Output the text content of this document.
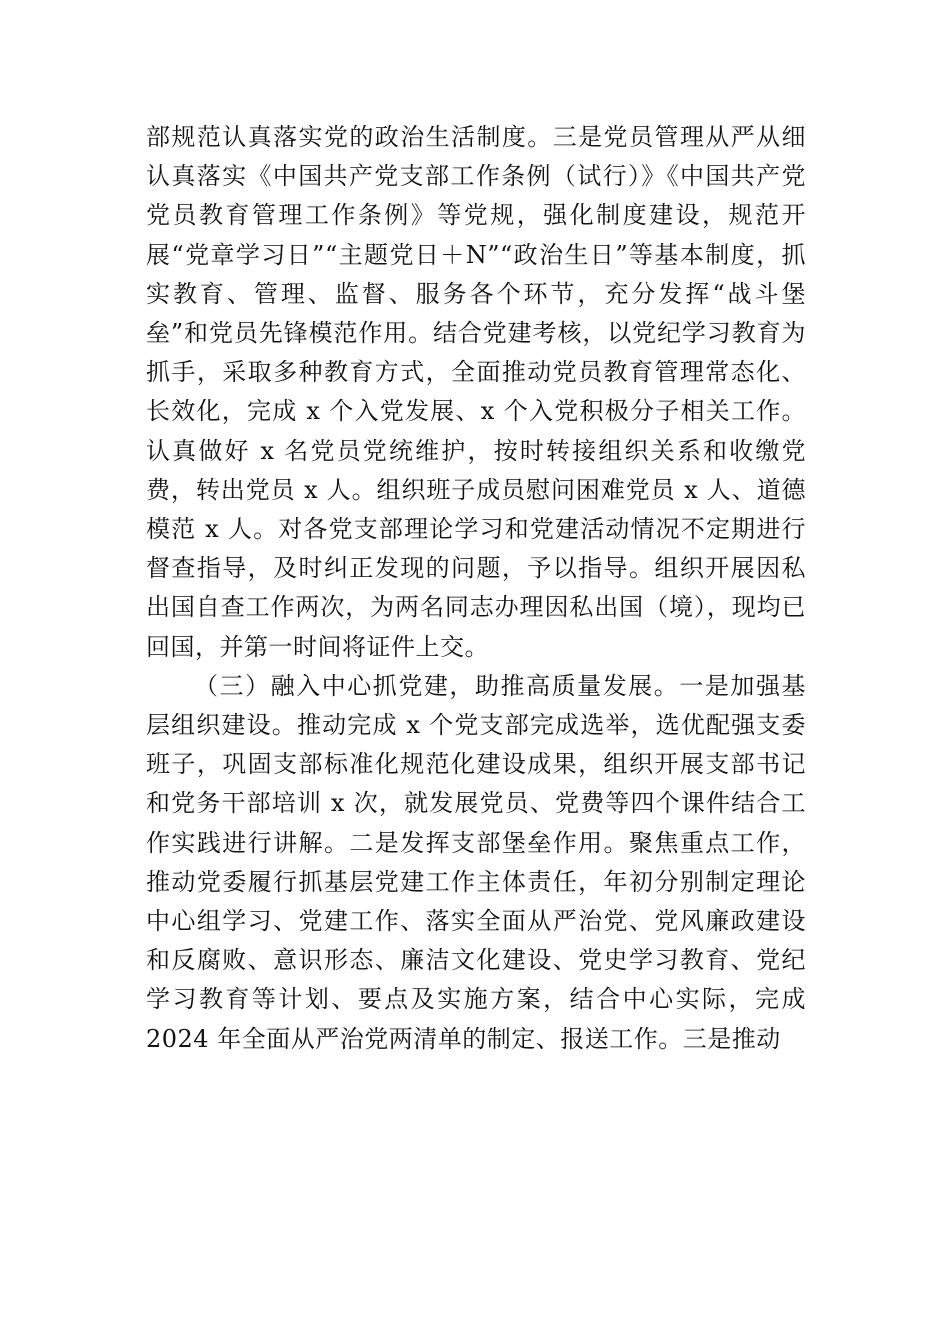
部规范认真落实党的政治生活制度。三是党员管理从严从细认真落实《中国共产党支部工作条例（试行）》《中国共产党党员教育管理工作条例》等党规，强化制度建设，规范开展“党章学习日”“主题党日＋N”“政治生日”等基本制度，抓实教育、管理、监督、服务各个环节，充分发挥“战斗堡垒”和党员先锋模范作用。结合党建考核，以党纪学习教育为抓手，采取多种教育方式，全面推动党员教育管理常态化、长效化，完成 x 个入党发展、x 个入党积极分子相关工作。认真做好 x 名党员党统维护，按时转接组织关系和收缴党费，转出党员 x 人。组织班子成员慰问困难党员 x 人、道德模范 x 人。对各党支部理论学习和党建活动情况不定期进行督查指导，及时纠正发现的问题，予以指导。组织开展因私出国自查工作两次，为两名同志办理因私出国（境），现均已回国，并第一时间将证件上交。

（三）融入中心抓党建，助推高质量发展。一是加强基层组织建设。推动完成 x 个党支部完成选举，选优配强支委班子，巩固支部标准化规范化建设成果，组织开展支部书记和党务干部培训 x 次，就发展党员、党费等四个课件结合工作实践进行讲解。二是发挥支部堡垒作用。聚焦重点工作，推动党委履行抓基层党建工作主体责任，年初分别制定理论中心组学习、党建工作、落实全面从严治党、党风廉政建设和反腐败、意识形态、廉洁文化建设、党史学习教育、党纪学习教育等计划、要点及实施方案，结合中心实际，完成 2024 年全面从严治党两清单的制定、报送工作。三是推动
